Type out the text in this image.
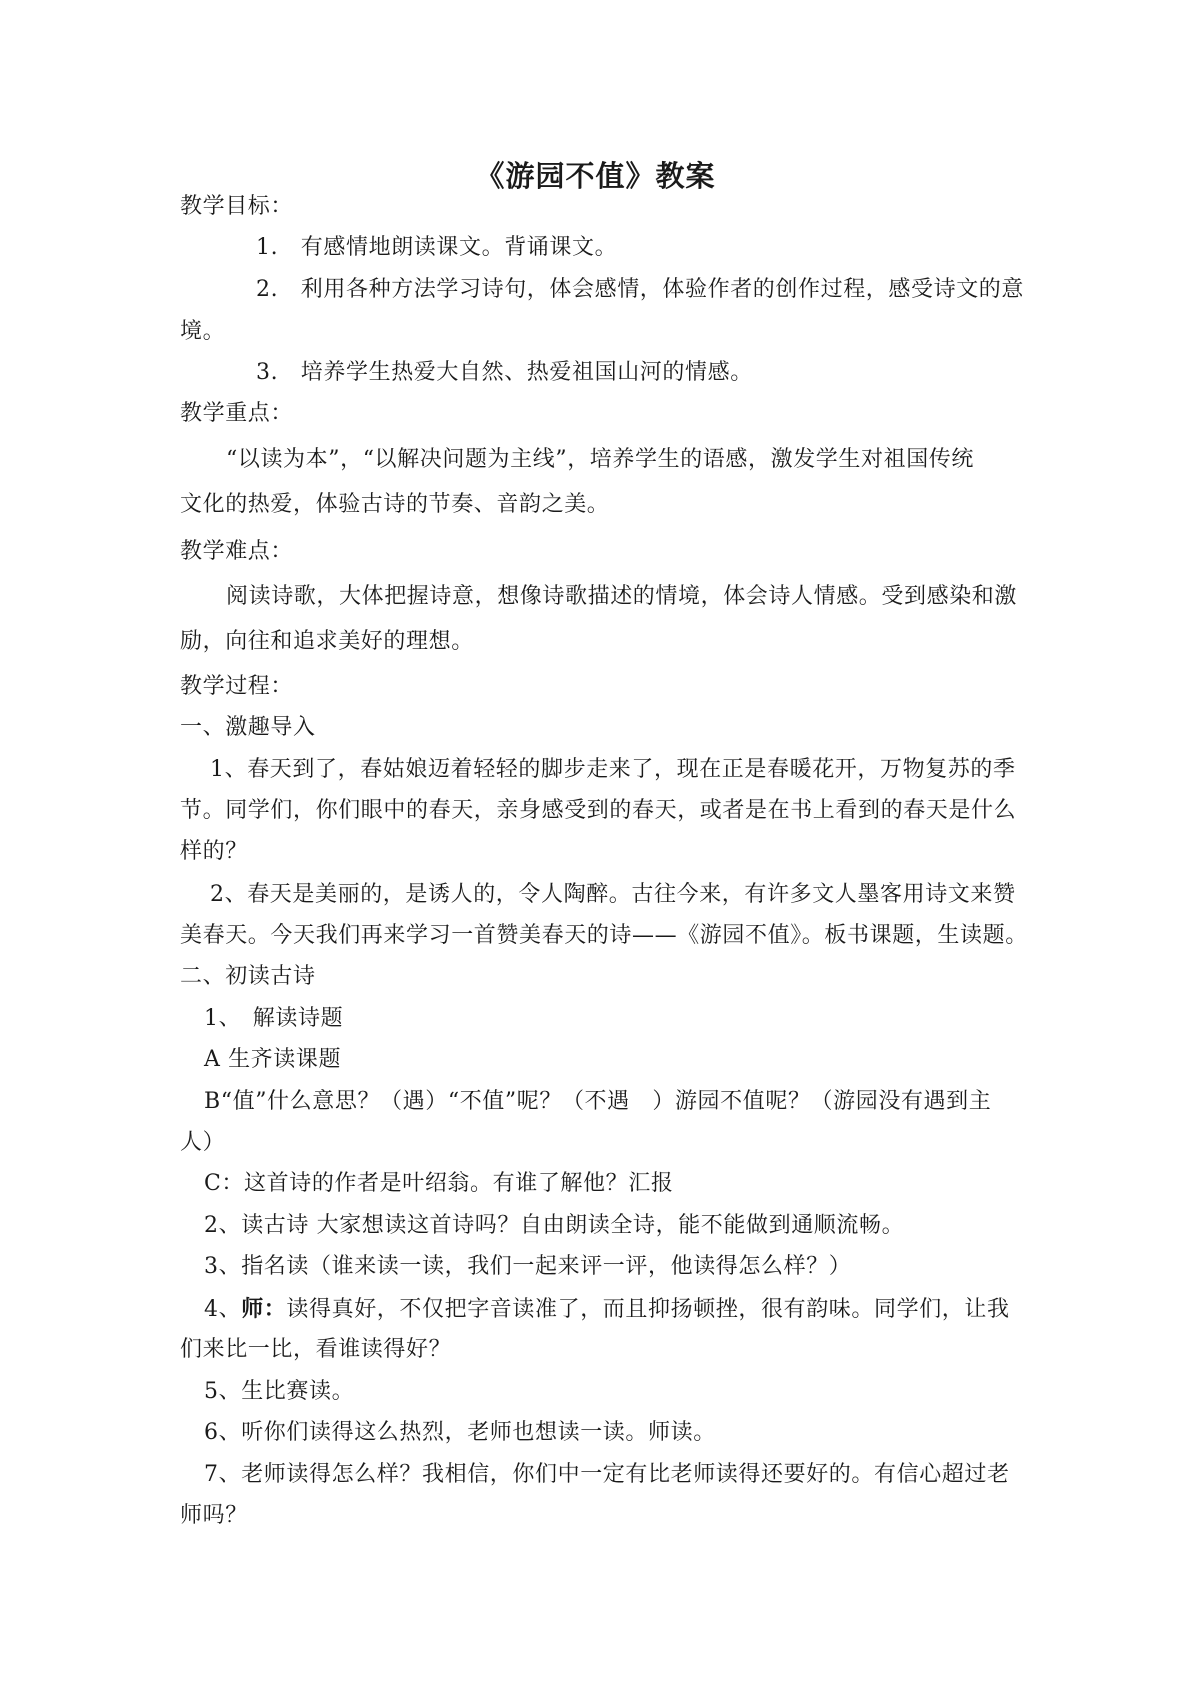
《游园不值》教案

教学目标：

1.　有感情地朗读课文。背诵课文。

2.　利用各种方法学习诗句，体会感情，体验作者的创作过程，感受诗文的意

境。

3.　培养学生热爱大自然、热爱祖国山河的情感。

教学重点：

“以读为本”，“以解决问题为主线”，培养学生的语感，激发学生对祖国传统

文化的热爱，体验古诗的节奏、音韵之美。

教学难点：

阅读诗歌，大体把握诗意，想像诗歌描述的情境，体会诗人情感。受到感染和激

励，向往和追求美好的理想。

教学过程：

一、激趣导入

1、春天到了，春姑娘迈着轻轻的脚步走来了，现在正是春暖花开，万物复苏的季

节。同学们，你们眼中的春天，亲身感受到的春天，或者是在书上看到的春天是什么

样的？

2、春天是美丽的，是诱人的，令人陶醉。古往今来，有许多文人墨客用诗文来赞

美春天。今天我们再来学习一首赞美春天的诗——《游园不值》。板书课题，生读题。

二、初读古诗

1、　解读诗题

A 生齐读课题

B“值”什么意思？（遇）“不值”呢？（不遇　）游园不值呢？（游园没有遇到主

人）

C：这首诗的作者是叶绍翁。有谁了解他？汇报

2、读古诗 大家想读这首诗吗？自由朗读全诗，能不能做到通顺流畅。

3、指名读（谁来读一读，我们一起来评一评，他读得怎么样？）

4、师：读得真好，不仅把字音读准了，而且抑扬顿挫，很有韵味。同学们，让我

们来比一比，看谁读得好？

5、生比赛读。

6、听你们读得这么热烈，老师也想读一读。师读。

7、老师读得怎么样？我相信，你们中一定有比老师读得还要好的。有信心超过老

师吗？
